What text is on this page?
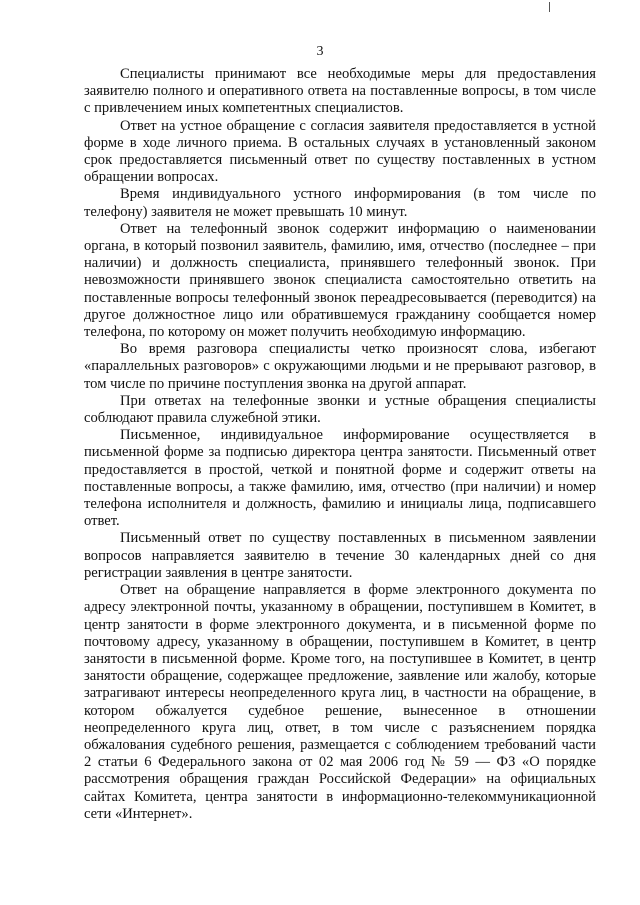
3

Специалисты принимают все необходимые меры для предоставления заявителю полного и оперативного ответа на поставленные вопросы, в том числе с привлечением иных компетентных специалистов.

Ответ на устное обращение с согласия заявителя предоставляется в устной форме в ходе личного приема. В остальных случаях в установленный законом срок предоставляется письменный ответ по существу поставленных в устном обращении вопросах.

Время индивидуального устного информирования (в том числе по телефону) заявителя не может превышать 10 минут.

Ответ на телефонный звонок содержит информацию о наименовании органа, в который позвонил заявитель, фамилию, имя, отчество (последнее – при наличии) и должность специалиста, принявшего телефонный звонок. При невозможности принявшего звонок специалиста самостоятельно ответить на поставленные вопросы телефонный звонок переадресовывается (переводится) на другое должностное лицо или обратившемуся гражданину сообщается номер телефона, по которому он может получить необходимую информацию.

Во время разговора специалисты четко произносят слова, избегают «параллельных разговоров» с окружающими людьми и не прерывают разговор, в том числе по причине поступления звонка на другой аппарат.

При ответах на телефонные звонки и устные обращения специалисты соблюдают правила служебной этики.

Письменное, индивидуальное информирование осуществляется в письменной форме за подписью директора центра занятости. Письменный ответ предоставляется в простой, четкой и понятной форме и содержит ответы на поставленные вопросы, а также фамилию, имя, отчество (при наличии) и номер телефона исполнителя и должность, фамилию и инициалы лица, подписавшего ответ.

Письменный ответ по существу поставленных в письменном заявлении вопросов направляется заявителю в течение 30 календарных дней со дня регистрации заявления в центре занятости.

Ответ на обращение направляется в форме электронного документа по адресу электронной почты, указанному в обращении, поступившем в Комитет, в центр занятости в форме электронного документа, и в письменной форме по почтовому адресу, указанному в обращении, поступившем в Комитет, в центр занятости в письменной форме. Кроме того, на поступившее в Комитет, в центр занятости обращение, содержащее предложение, заявление или жалобу, которые затрагивают интересы неопределенного круга лиц, в частности на обращение, в котором обжалуется судебное решение, вынесенное в отношении неопределенного круга лиц, ответ, в том числе с разъяснением порядка обжалования судебного решения, размещается с соблюдением требований части 2 статьи 6 Федерального закона от 02 мая 2006 год № 59 — ФЗ «О порядке рассмотрения обращения граждан Российской Федерации» на официальных сайтах Комитета, центра занятости в информационно-телекоммуникационной сети «Интернет».
